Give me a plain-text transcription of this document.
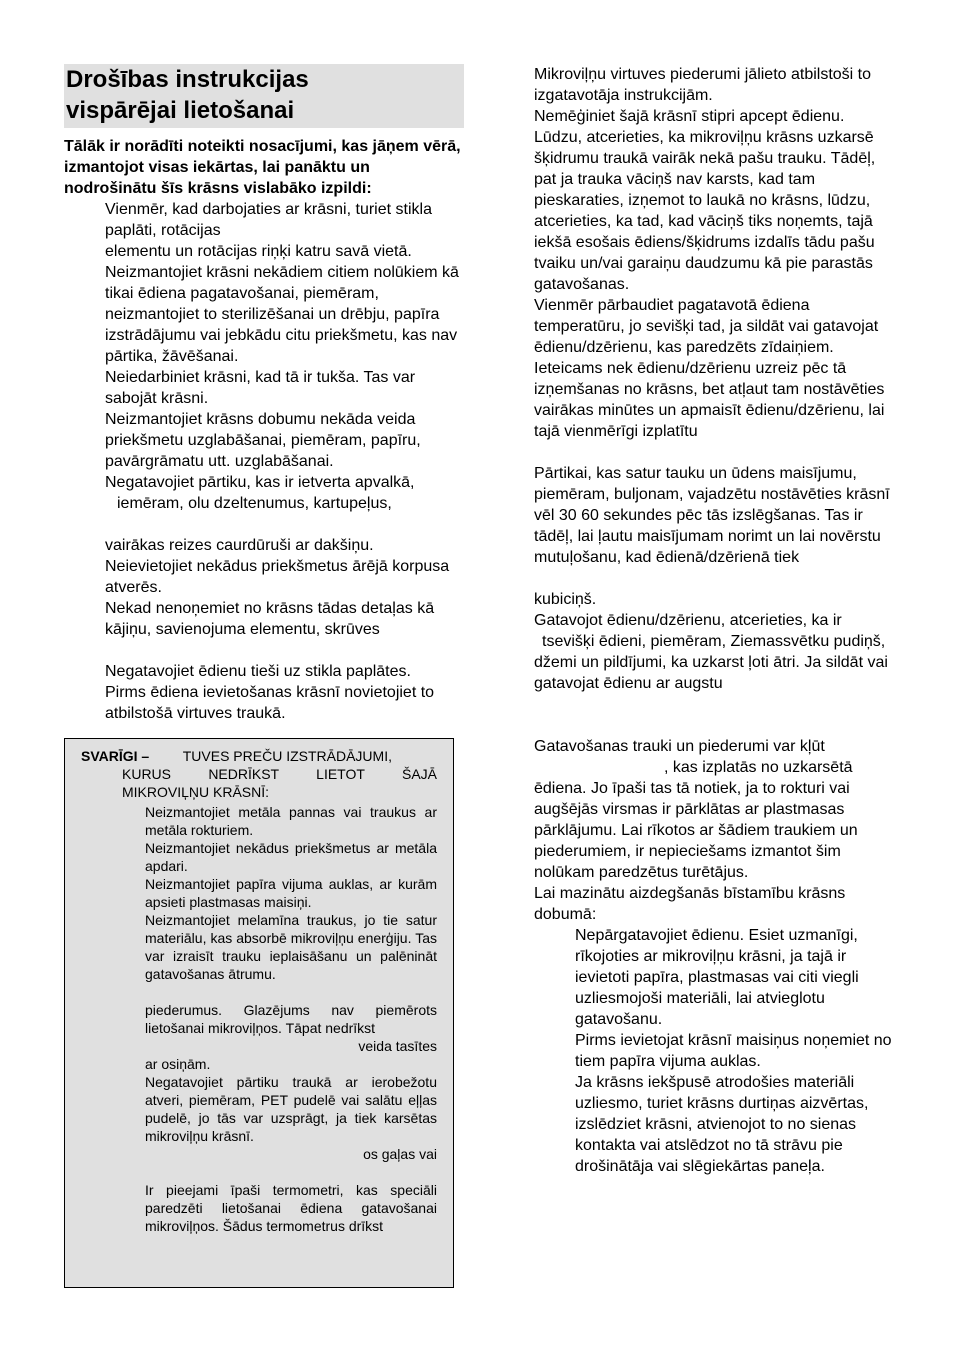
Drošības instrukcijas
vispārējai lietošanai

Tālāk ir norādīti noteikti nosacījumi, kas jāņem vērā, izmantojot visas iekārtas, lai panāktu un nodrošinātu šīs krāsns vislabāko izpildi:

Vienmēr, kad darbojaties ar krāsni, turiet stikla paplāti, rotācijas

elementu un rotācijas riņķi katru savā vietā.

Neizmantojiet krāsni nekādiem citiem nolūkiem kā tikai ēdiena pagatavošanai, piemēram, neizmantojiet to sterilizēšanai un drēbju, papīra izstrādājumu vai jebkādu citu priekšmetu, kas nav pārtika, žāvēšanai.

Neiedarbiniet krāsni, kad tā ir tukša. Tas var sabojāt krāsni.

Neizmantojiet krāsns dobumu nekāda veida priekšmetu uzglabāšanai, piemēram, papīru, pavārgrāmatu utt. uzglabāšanai.

Negatavojiet pārtiku, kas ir ietverta apvalkā,

iemēram, olu dzeltenumus, kartupeļus,

vairākas reizes caurdūruši ar dakšiņu.

Neievietojiet nekādus priekšmetus ārējā korpusa atverēs.

Nekad nenoņemiet no krāsns tādas detaļas kā kājiņu, savienojuma elementu, skrūves

Negatavojiet ēdienu tieši uz stikla paplātes.

Pirms ēdiena ievietošanas krāsnī novietojiet to atbilstošā virtuves traukā.

SVARĪGI – TUVES PREČU IZSTRĀDĀJUMI,
KURUS NEDRĪKST LIETOT ŠAJĀ
MIKROVIĻŅU KRĀSNĪ:

Neizmantojiet metāla pannas vai traukus ar metāla rokturiem.

Neizmantojiet nekādus priekšmetus ar metāla apdari.

Neizmantojiet papīra vijuma auklas, ar kurām apsieti plastmasas maisiņi.

Neizmantojiet melamīna traukus, jo tie satur materiālu, kas absorbē mikroviļņu enerģiju. Tas var izraisīt trauku ieplaisāšanu un palēnināt gatavošanas ātrumu.

piederumus. Glazējums nav piemērots lietošanai mikroviļņos. Tāpat nedrīkst

veida tasītes

ar osiņām.

Negatavojiet pārtiku traukā ar ierobežotu atveri, piemēram, PET pudelē vai salātu eļļas pudelē, jo tās var uzsprāgt, ja tiek karsētas mikroviļņu krāsnī.

os gaļas vai

Ir pieejami īpaši termometri, kas speciāli paredzēti lietošanai ēdiena gatavošanai mikroviļņos. Šādus termometrus drīkst

Mikroviļņu virtuves piederumi jālieto atbilstoši to izgatavotāja instrukcijām.

Nemēģiniet šajā krāsnī stipri apcept ēdienu.

Lūdzu, atcerieties, ka mikroviļņu krāsns uzkarsē šķidrumu traukā vairāk nekā pašu trauku. Tādēļ, pat ja trauka vāciņš nav karsts, kad tam pieskaraties, izņemot to laukā no krāsns, lūdzu, atcerieties, ka tad, kad vāciņš tiks noņemts, tajā iekšā esošais ēdiens/šķidrums izdalīs tādu pašu tvaiku un/vai garaiņu daudzumu kā pie parastās gatavošanas.

Vienmēr pārbaudiet pagatavotā ēdiena temperatūru, jo sevišķi tad, ja sildāt vai gatavojat ēdienu/dzērienu, kas paredzēts zīdaiņiem. Ieteicams nek ēdienu/dzērienu uzreiz pēc tā izņemšanas no krāsns, bet atļaut tam nostāvēties vairākas minūtes un apmaisīt ēdienu/dzērienu, lai tajā vienmērīgi izplatītu

Pārtikai, kas satur tauku un ūdens maisījumu, piemēram, buljonam, vajadzētu nostāvēties krāsnī vēl 30 60 sekundes pēc tās izslēgšanas. Tas ir tādēļ, lai ļautu maisījumam norimt un lai novērstu mutuļošanu, kad ēdienā/dzērienā tiek

kubiciņš.

Gatavojot ēdienu/dzērienu, atcerieties, ka ir

tsevišķi ēdieni, piemēram, Ziemassvētku pudiņš, džemi un pildījumi, ka uzkarst ļoti ātri. Ja sildāt vai gatavojat ēdienu ar augstu

Gatavošanas trauki un piederumi var kļūt

, kas izplatās no uzkarsētā ēdiena. Jo īpaši tas tā notiek, ja to rokturi vai augšējās virsmas ir pārklātas ar plastmasas pārklājumu. Lai rīkotos ar šādiem traukiem un piederumiem, ir nepieciešams izmantot šim nolūkam paredzētus turētājus.

Lai mazinātu aizdegšanās bīstamību krāsns dobumā:

Nepārgatavojiet ēdienu. Esiet uzmanīgi, rīkojoties ar mikroviļņu krāsni, ja tajā ir ievietoti papīra, plastmasas vai citi viegli uzliesmojoši materiāli, lai atvieglotu gatavošanu.

Pirms ievietojat krāsnī maisiņus noņemiet no tiem papīra vijuma auklas.

Ja krāsns iekšpusē atrodošies materiāli uzliesmo, turiet krāsns durtiņas aizvērtas, izslēdziet krāsni, atvienojot to no sienas kontakta vai atslēdzot no tā strāvu pie drošinātāja vai slēgiekārtas paneļa.
